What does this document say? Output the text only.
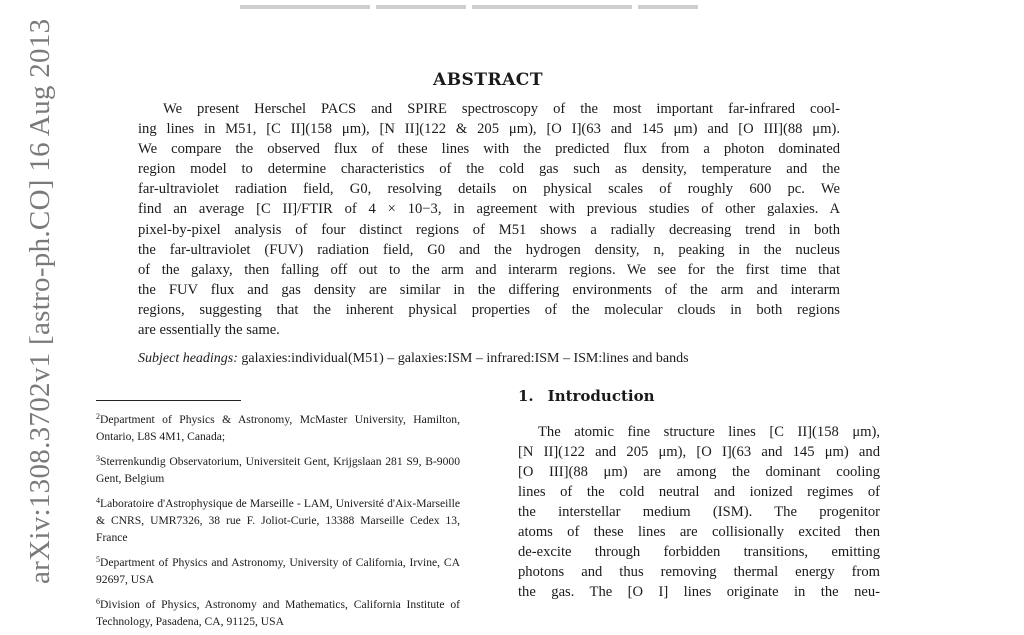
arXiv:1308.3702v1 [astro-ph.CO] 16 Aug 2013	ABSTRACT
We present Herschel PACS and SPIRE spectroscopy of the most important far-infrared cool-
ing lines in M51, [C II](158 μm), [N II](122 & 205 μm), [O I](63 and 145 μm) and [O III](88 μm).
We compare the observed flux of these lines with the predicted flux from a photon dominated
region model to determine characteristics of the cold gas such as density, temperature and the
far-ultraviolet radiation field, G0, resolving details on physical scales of roughly 600 pc. We
find an average [C II]/FTIR of 4 × 10−3, in agreement with previous studies of other galaxies. A
pixel-by-pixel analysis of four distinct regions of M51 shows a radially decreasing trend in both
the far-ultraviolet (FUV) radiation field, G0 and the hydrogen density, n, peaking in the nucleus
of the galaxy, then falling off out to the arm and interarm regions. We see for the first time that
the FUV flux and gas density are similar in the differing environments of the arm and interarm
regions, suggesting that the inherent physical properties of the molecular clouds in both regions
are essentially the same.
Subject headings: galaxies:individual(M51) – galaxies:ISM – infrared:ISM – ISM:lines and bands
$^2$Department of Physics & Astronomy, McMaster University, Hamilton, Ontario, L8S 4M1, Canada;
$^3$Sterrenkundig Observatorium, Universiteit Gent, Krijgslaan 281 S9, B-9000 Gent, Belgium
$^4$Laboratoire d'Astrophysique de Marseille - LAM, Université d'Aix-Marseille & CNRS, UMR7326, 38 rue F. Joliot-Curie, 13388 Marseille Cedex 13, France
$^5$Department of Physics and Astronomy, University of California, Irvine, CA 92697, USA
$^6$Division of Physics, Astronomy and Mathematics, California Institute of Technology, Pasadena, CA, 91125, USA
1. Introduction
The atomic fine structure lines [C II](158 μm),
[N II](122 and 205 μm), [O I](63 and 145 μm) and
[O III](88 μm) are among the dominant cooling
lines of the cold neutral and ionized regimes of
the interstellar medium (ISM). The progenitor
atoms of these lines are collisionally excited then
de-excite through forbidden transitions, emitting
photons and thus removing thermal energy from
the gas. The [O I] lines originate in the neu-
